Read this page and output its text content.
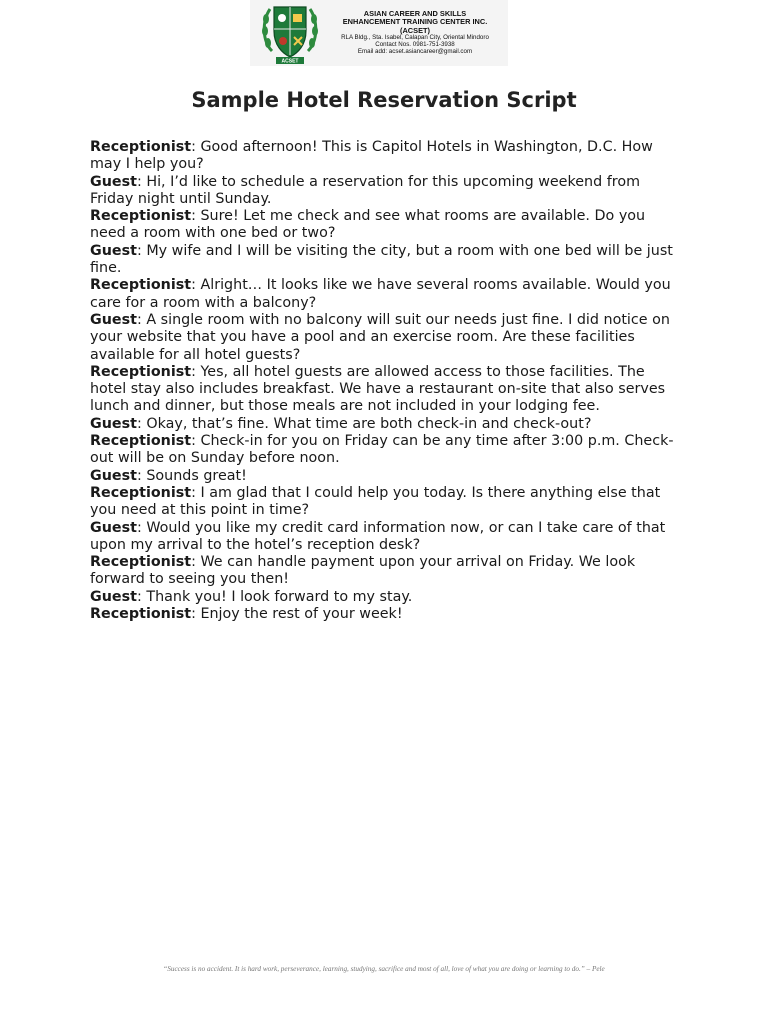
ACSET
ASIAN CAREER AND SKILLS
ENHANCEMENT TRAINING CENTER INC.
(ACSET)
RLA Bldg., Sta. Isabel, Calapan City, Oriental Mindoro
Contact Nos. 0981-751-3938
Email add: acset.asiancareer@gmail.com
Sample Hotel Reservation Script
Receptionist: Good afternoon! This is Capitol Hotels in Washington, D.C. How may I help you?
Guest: Hi, I’d like to schedule a reservation for this upcoming weekend from Friday night until Sunday.
Receptionist: Sure! Let me check and see what rooms are available. Do you need a room with one bed or two?
Guest: My wife and I will be visiting the city, but a room with one bed will be just fine.
Receptionist: Alright… It looks like we have several rooms available. Would you care for a room with a balcony?
Guest: A single room with no balcony will suit our needs just fine. I did notice on your website that you have a pool and an exercise room. Are these facilities available for all hotel guests?
Receptionist: Yes, all hotel guests are allowed access to those facilities. The hotel stay also includes breakfast. We have a restaurant on-site that also serves lunch and dinner, but those meals are not included in your lodging fee.
Guest: Okay, that’s fine. What time are both check-in and check-out?
Receptionist: Check-in for you on Friday can be any time after 3:00 p.m. Check-out will be on Sunday before noon.
Guest: Sounds great!
Receptionist: I am glad that I could help you today. Is there anything else that you need at this point in time?
Guest: Would you like my credit card information now, or can I take care of that upon my arrival to the hotel’s reception desk?
Receptionist: We can handle payment upon your arrival on Friday. We look forward to seeing you then!
Guest: Thank you! I look forward to my stay.
Receptionist: Enjoy the rest of your week!
“Success is no accident. It is hard work, perseverance, learning, studying, sacrifice and most of all, love of what you are doing or learning to do.” – Pele
